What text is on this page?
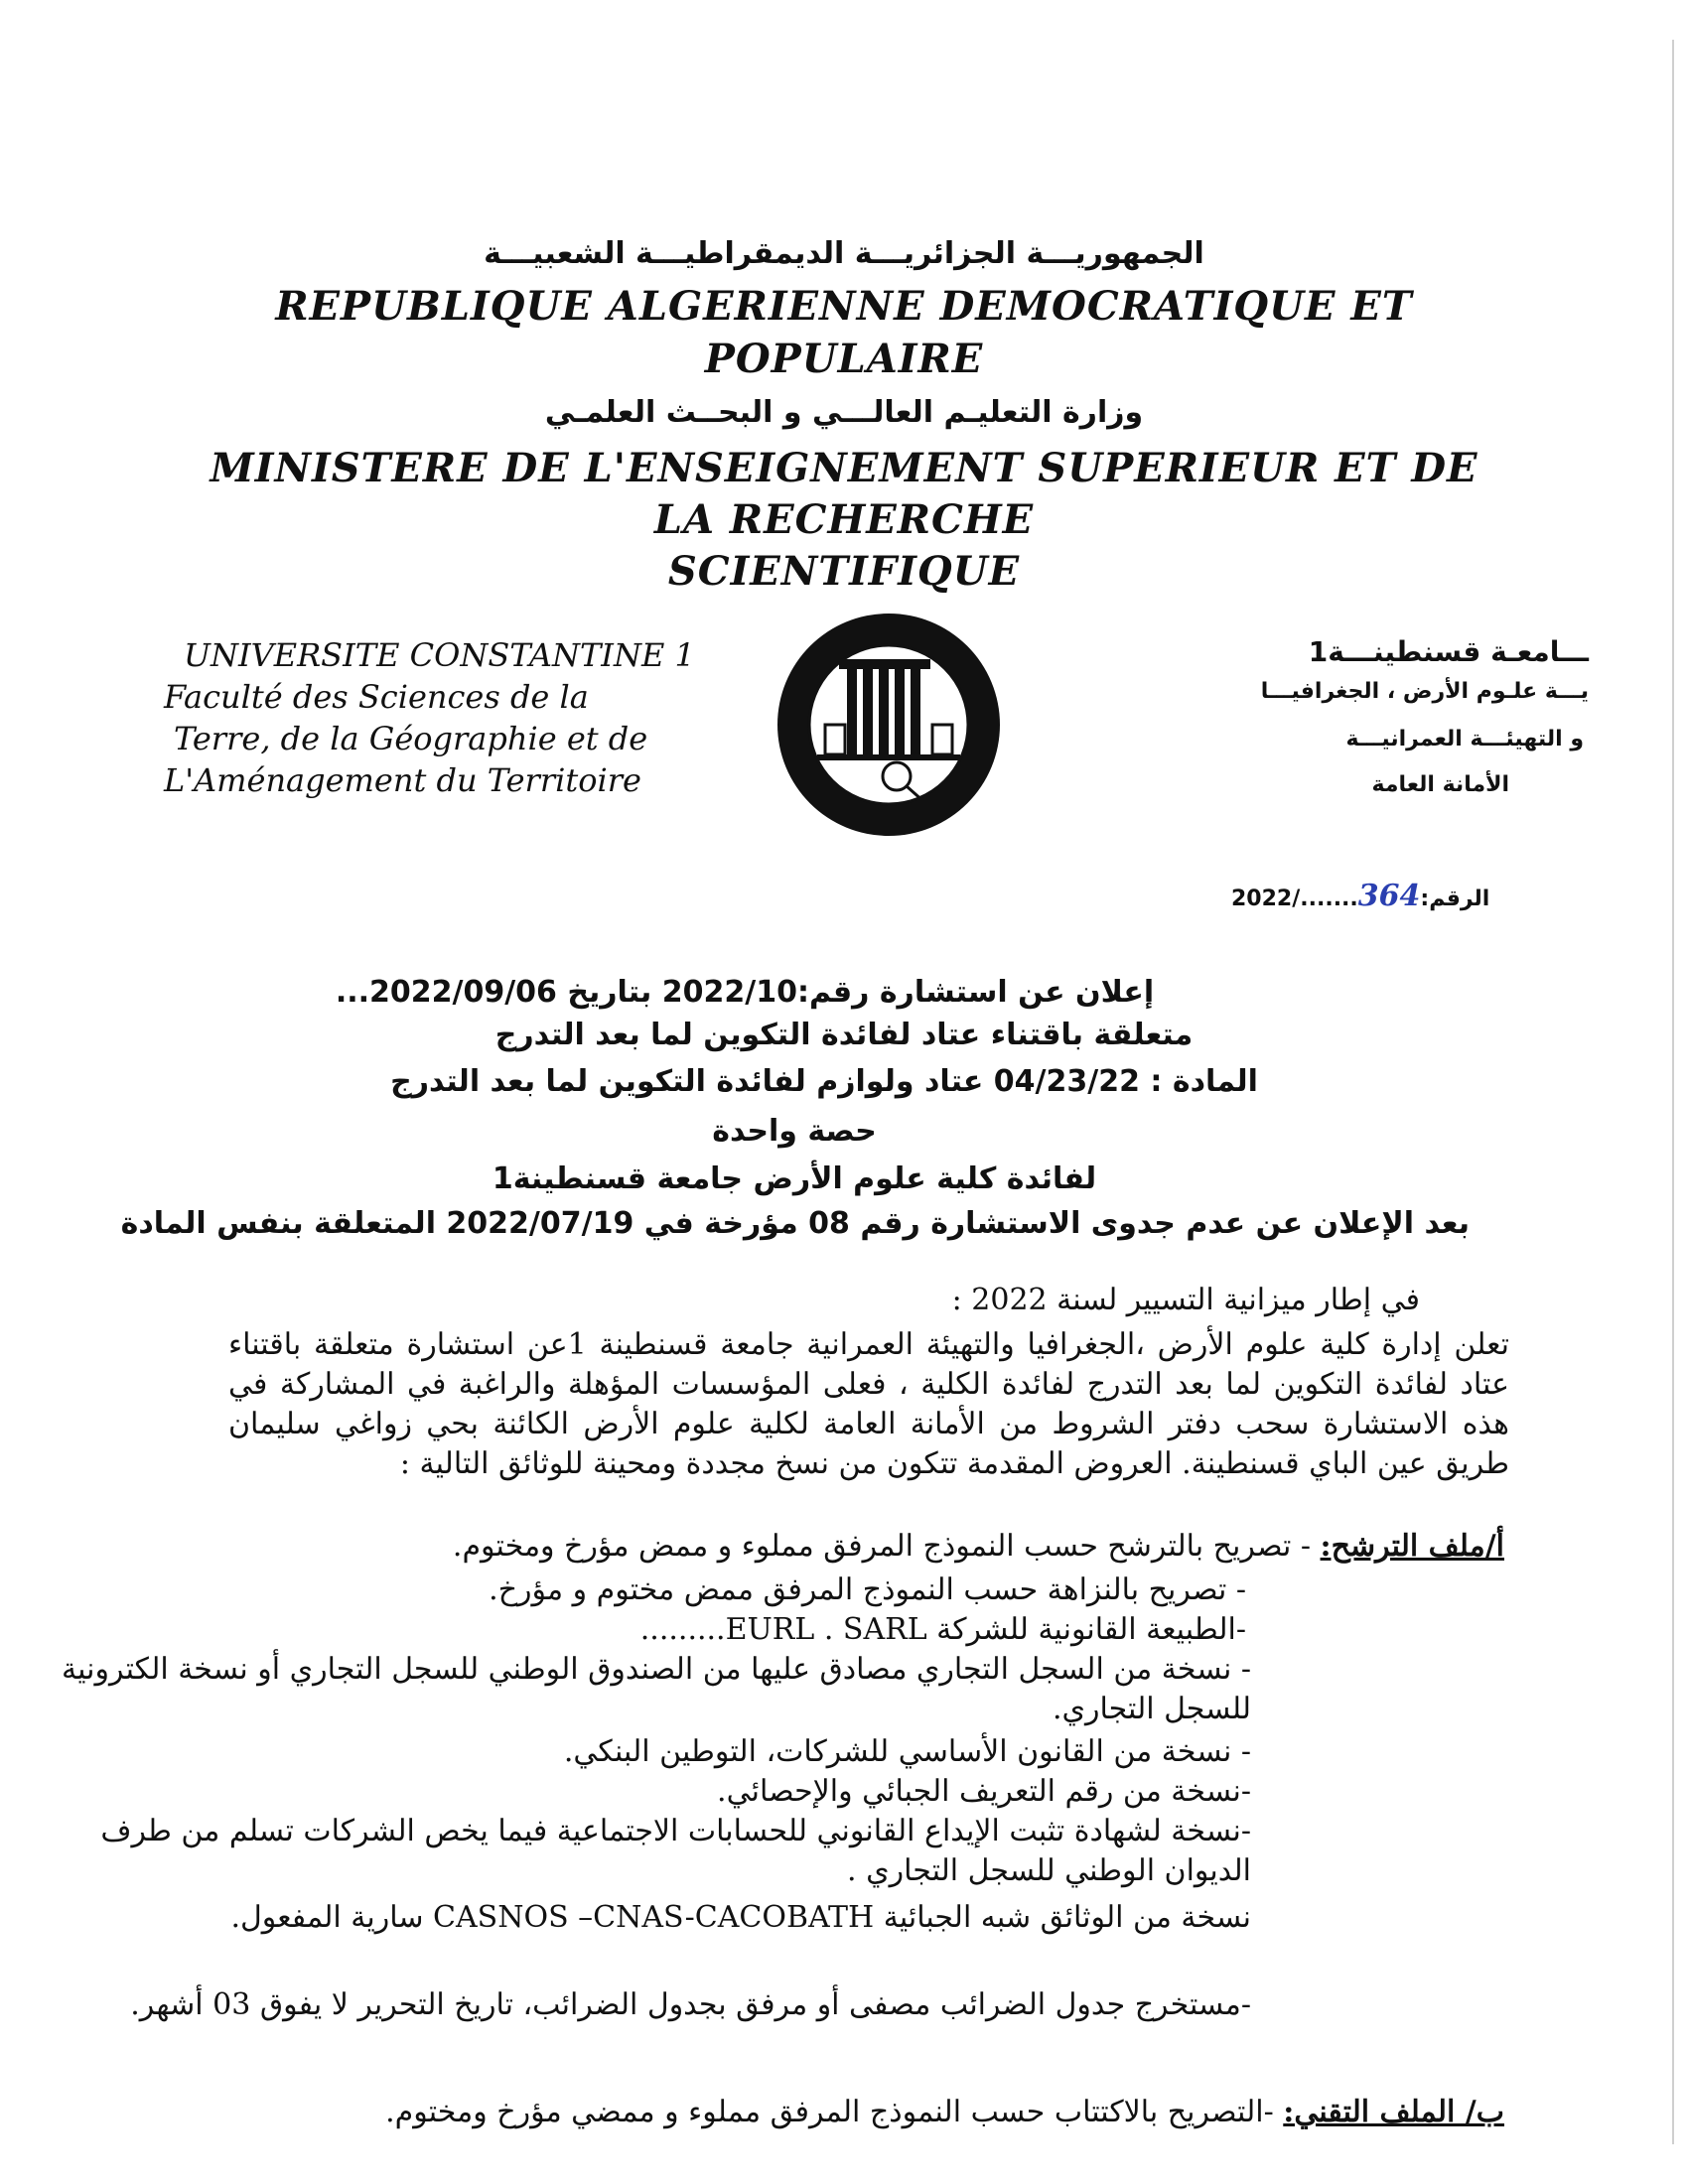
الجمهوريـــة الجزائريـــة الديمقراطيـــة الشعبيـــة
REPUBLIQUE ALGERIENNE DEMOCRATIQUE ET
POPULAIRE
وزارة التعليـم العالـــي و البحــث العلمـي
MINISTERE DE L'ENSEIGNEMENT SUPERIEUR ET DE
LA RECHERCHE
SCIENTIFIQUE
UNIVERSITE CONSTANTINE 1
Faculté des Sciences de la
Terre, de la Géographie et de
L'Aménagement du Territoire
ـــامعـة قسنطينـــة1
يـــة علـوم الأرض ، الجغرافيـــا
و التهيئـــة العمرانيـــة
الأمانة العامة
الرقم:364......./2022
إعلان عن استشارة رقم:2022/10 بتاريخ 2022/09/06...
متعلقة باقتناء عتاد لفائدة التكوين لما بعد التدرج
المادة : 04/23/22 عتاد ولوازم لفائدة التكوين لما بعد التدرج
حصة واحدة
لفائدة كلية علوم الأرض جامعة قسنطينة1
بعد الإعلان عن عدم جدوى الاستشارة رقم 08 مؤرخة في 2022/07/19 المتعلقة بنفس المادة
في إطار ميزانية التسيير لسنة 2022 :
تعلن إدارة كلية علوم الأرض ،الجغرافيا والتهيئة العمرانية جامعة قسنطينة 1عن استشارة متعلقة باقتناء عتاد لفائدة التكوين لما بعد التدرج لفائدة الكلية ، فعلى المؤسسات المؤهلة والراغبة في المشاركة في هذه الاستشارة سحب دفتر الشروط من الأمانة العامة لكلية علوم الأرض الكائنة بحي زواغي سليمان طريق عين الباي قسنطينة. العروض المقدمة تتكون من نسخ مجددة ومحينة للوثائق التالية :
أ/ملف الترشح: - تصريح بالترشح حسب النموذج المرفق مملوء و ممض مؤرخ ومختوم.
- تصريح بالنزاهة حسب النموذج المرفق ممض مختوم و مؤرخ.
-الطبيعة القانونية للشركة EURL . SARL.........
- نسخة من السجل التجاري مصادق عليها من الصندوق الوطني للسجل التجاري أو نسخة الكترونية للسجل التجاري.
- نسخة من القانون الأساسي للشركات، التوطين البنكي.
-نسخة من رقم التعريف الجبائي والإحصائي.
-نسخة لشهادة تثبت الإيداع القانوني للحسابات الاجتماعية فيما يخص الشركات تسلم من طرف الديوان الوطني للسجل التجاري .
نسخة من الوثائق شبه الجبائية CASNOS –CNAS-CACOBATH سارية المفعول.
-مستخرج جدول الضرائب مصفى أو مرفق بجدول الضرائب، تاريخ التحرير لا يفوق 03 أشهر.
ب/ الملف التقني: -التصريح بالاكتتاب حسب النموذج المرفق مملوء و ممضي مؤرخ ومختوم.
